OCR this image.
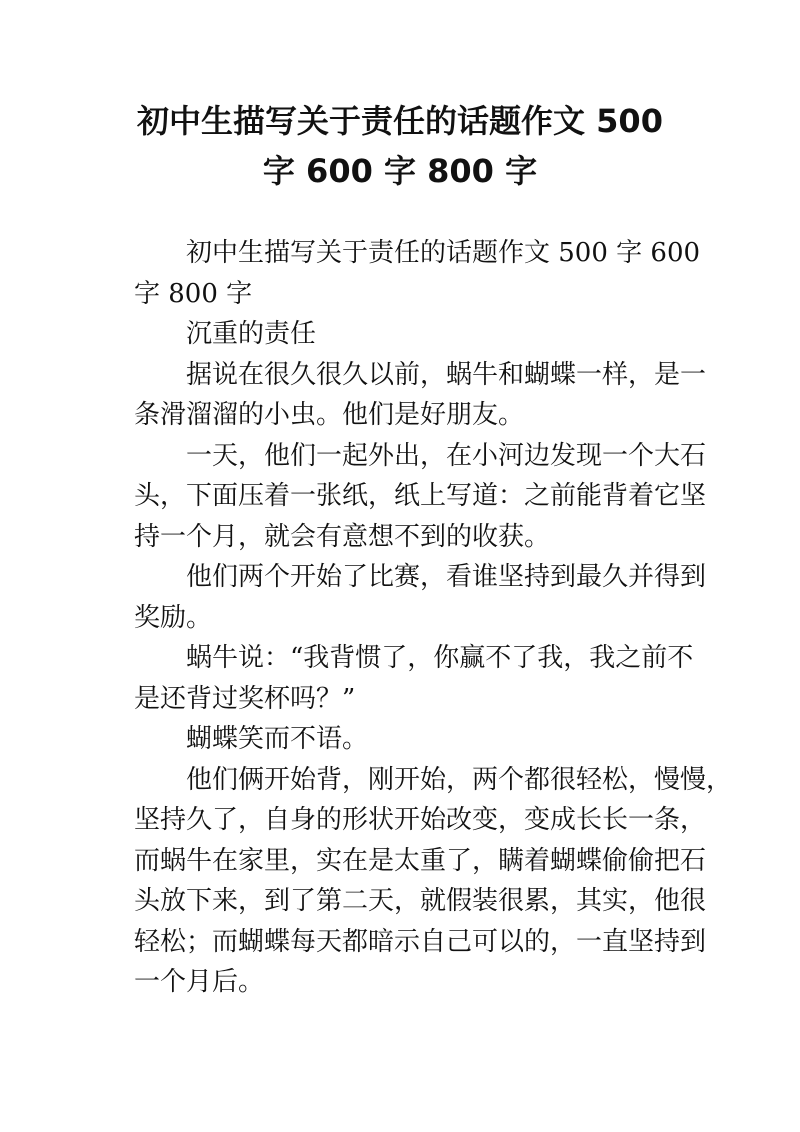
初中生描写关于责任的话题作文 500
字 600 字 800 字

初中生描写关于责任的话题作文 500 字 600
字 800 字

沉重的责任

据说在很久很久以前，蜗牛和蝴蝶一样，是一
条滑溜溜的小虫。他们是好朋友。

一天，他们一起外出，在小河边发现一个大石
头，下面压着一张纸，纸上写道：之前能背着它坚
持一个月，就会有意想不到的收获。

他们两个开始了比赛，看谁坚持到最久并得到
奖励。

蜗牛说：“我背惯了，你赢不了我，我之前不
是还背过奖杯吗？”

蝴蝶笑而不语。

他们俩开始背，刚开始，两个都很轻松，慢慢，
坚持久了，自身的形状开始改变，变成长长一条，
而蜗牛在家里，实在是太重了，瞒着蝴蝶偷偷把石
头放下来，到了第二天，就假装很累，其实，他很
轻松；而蝴蝶每天都暗示自己可以的，一直坚持到
一个月后。
